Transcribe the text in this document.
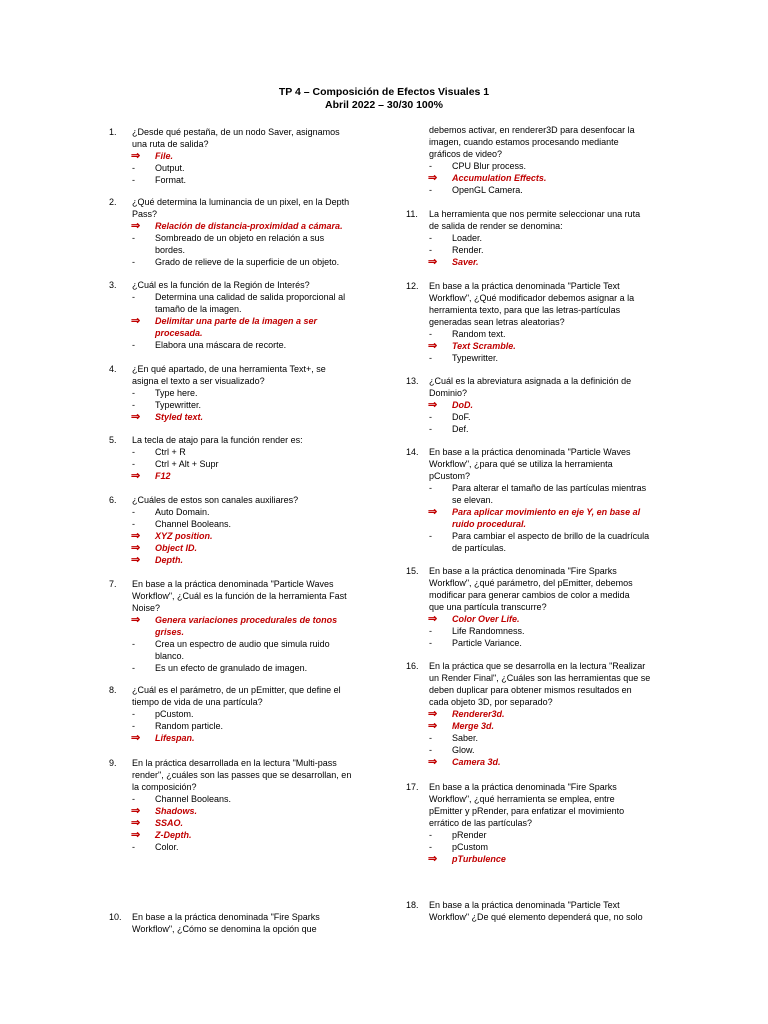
TP 4 – Composición de Efectos Visuales 1
Abril 2022 – 30/30 100%
1. ¿Desde qué pestaña, de un nodo Saver, asignamos
una ruta de salida?
⇒ File.
-	Output.
-	Format.
2. ¿Qué determina la luminancia de un pixel, en la Depth
Pass?
⇒ Relación de distancia-proximidad a cámara.
-	Sombreado de un objeto en relación a sus
bordes.
-	Grado de relieve de la superficie de un objeto.
3. ¿Cuál es la función de la Región de Interés?
-	Determina una calidad de salida proporcional al
tamaño de la imagen.
⇒ Delimitar una parte de la imagen a ser
procesada.
-	Elabora una máscara de recorte.
4. ¿En qué apartado, de una herramienta Text+, se
asigna el texto a ser visualizado?
-	Type here.
-	Typewritter.
⇒ Styled text.
5. La tecla de atajo para la función render es:
-	Ctrl + R
-	Ctrl + Alt + Supr
⇒ F12
6. ¿Cuáles de estos son canales auxiliares?
-	Auto Domain.
-	Channel Booleans.
⇒ XYZ position.
⇒ Object ID.
⇒ Depth.
7. En base a la práctica denominada "Particle Waves
Workflow", ¿Cuál es la función de la herramienta Fast
Noise?
⇒ Genera variaciones procedurales de tonos
grises.
-	Crea un espectro de audio que simula ruido
blanco.
-	Es un efecto de granulado de imagen.
8. ¿Cuál es el parámetro, de un pEmitter, que define el
tiempo de vida de una partícula?
-	pCustom.
-	Random particle.
⇒ Lifespan.
9. En la práctica desarrollada en la lectura "Multi-pass
render", ¿cuáles son las passes que se desarrollan, en
la composición?
-	Channel Booleans.
⇒ Shadows.
⇒ SSAO.
⇒ Z-Depth.
-	Color.
10. En base a la práctica denominada "Fire Sparks
Workflow", ¿Cómo se denomina la opción que
debemos activar, en renderer3D para desenfocar la
imagen, cuando estamos procesando mediante
gráficos de video?
-	CPU Blur process.
⇒ Accumulation Effects.
-	OpenGL Camera.
11. La herramienta que nos permite seleccionar una ruta
de salida de render se denomina:
-	Loader.
-	Render.
⇒ Saver.
12. En base a la práctica denominada "Particle Text
Workflow", ¿Qué modificador debemos asignar a la
herramienta texto, para que las letras-partículas
generadas sean letras aleatorias?
-	Random text.
⇒ Text Scramble.
-	Typewritter.
13. ¿Cuál es la abreviatura asignada a la definición de
Dominio?
⇒ DoD.
-	DoF.
-	Def.
14. En base a la práctica denominada "Particle Waves
Workflow", ¿para qué se utiliza la herramienta
pCustom?
-	Para alterar el tamaño de las partículas mientras
se elevan.
⇒ Para aplicar movimiento en eje Y, en base al
ruido procedural.
-	Para cambiar el aspecto de brillo de la cuadrícula
de partículas.
15. En base a la práctica denominada "Fire Sparks
Workflow", ¿qué parámetro, del pEmitter, debemos
modificar para generar cambios de color a medida
que una partícula transcurre?
⇒ Color Over Life.
-	Life Randomness.
-	Particle Variance.
16. En la práctica que se desarrolla en la lectura "Realizar
un Render Final", ¿Cuáles son las herramientas que se
deben duplicar para obtener mismos resultados en
cada objeto 3D, por separado?
⇒ Renderer3d.
⇒ Merge 3d.
-	Saber.
-	Glow.
⇒ Camera 3d.
17. En base a la práctica denominada "Fire Sparks
Workflow", ¿qué herramienta se emplea, entre
pEmitter y pRender, para enfatizar el movimiento
errático de las partículas?
-	pRender
-	pCustom
⇒ pTurbulence
18. En base a la práctica denominada "Particle Text
Workflow" ¿De qué elemento dependerá que, no solo
